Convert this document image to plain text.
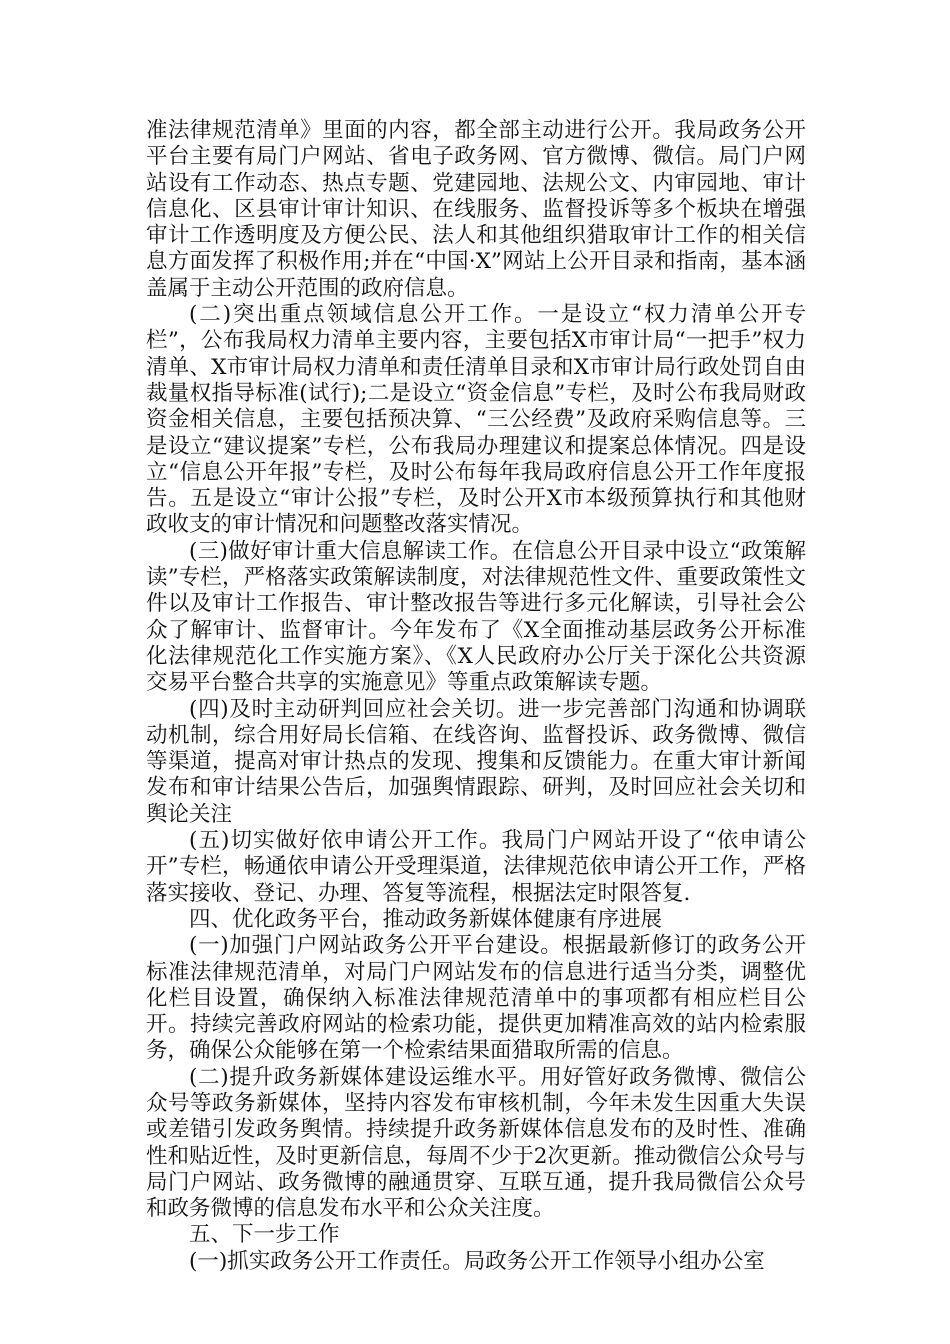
准法律规范清单》里面的内容，都全部主动进行公开。我局政务公开平台主要有局门户网站、省电子政务网、官方微博、微信。局门户网站设有工作动态、热点专题、党建园地、法规公文、内审园地、审计信息化、区县审计审计知识、在线服务、监督投诉等多个板块在增强审计工作透明度及方便公民、法人和其他组织猎取审计工作的相关信息方面发挥了积极作用;并在“中国·X”网站上公开目录和指南，基本涵盖属于主动公开范围的政府信息。

(二)突出重点领域信息公开工作。一是设立“权力清单公开专栏”，公布我局权力清单主要内容，主要包括X市审计局“一把手”权力清单、X市审计局权力清单和责任清单目录和X市审计局行政处罚自由裁量权指导标准(试行);二是设立“资金信息”专栏，及时公布我局财政资金相关信息，主要包括预决算、“三公经费”及政府采购信息等。三是设立“建议提案”专栏，公布我局办理建议和提案总体情况。四是设立“信息公开年报”专栏，及时公布每年我局政府信息公开工作年度报告。五是设立“审计公报”专栏，及时公开X市本级预算执行和其他财政收支的审计情况和问题整改落实情况。

(三)做好审计重大信息解读工作。在信息公开目录中设立“政策解读”专栏，严格落实政策解读制度，对法律规范性文件、重要政策性文件以及审计工作报告、审计整改报告等进行多元化解读，引导社会公众了解审计、监督审计。今年发布了《X全面推动基层政务公开标准化法律规范化工作实施方案》、《X人民政府办公厅关于深化公共资源交易平台整合共享的实施意见》等重点政策解读专题。

(四)及时主动研判回应社会关切。进一步完善部门沟通和协调联动机制，综合用好局长信箱、在线咨询、监督投诉、政务微博、微信等渠道，提高对审计热点的发现、搜集和反馈能力。在重大审计新闻发布和审计结果公告后，加强舆情跟踪、研判，及时回应社会关切和舆论关注

(五)切实做好依申请公开工作。我局门户网站开设了“依申请公开”专栏，畅通依申请公开受理渠道，法律规范依申请公开工作，严格落实接收、登记、办理、答复等流程，根据法定时限答复.

四、优化政务平台，推动政务新媒体健康有序进展

(一)加强门户网站政务公开平台建设。根据最新修订的政务公开标准法律规范清单，对局门户网站发布的信息进行适当分类，调整优化栏目设置，确保纳入标准法律规范清单中的事项都有相应栏目公开。持续完善政府网站的检索功能，提供更加精准高效的站内检索服务，确保公众能够在第一个检索结果面猎取所需的信息。

(二)提升政务新媒体建设运维水平。用好管好政务微博、微信公众号等政务新媒体，坚持内容发布审核机制，今年未发生因重大失误或差错引发政务舆情。持续提升政务新媒体信息发布的及时性、准确性和贴近性，及时更新信息，每周不少于2次更新。推动微信公众号与局门户网站、政务微博的融通贯穿、互联互通，提升我局微信公众号和政务微博的信息发布水平和公众关注度。

五、下一步工作

(一)抓实政务公开工作责任。局政务公开工作领导小组办公室
